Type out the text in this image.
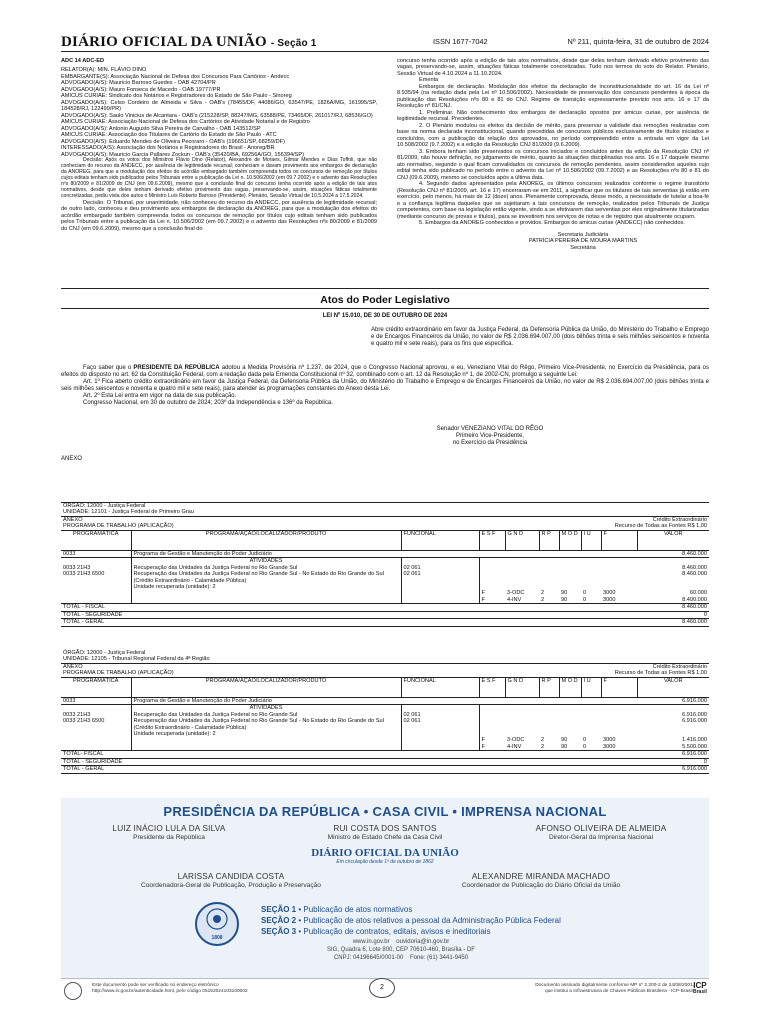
DIÁRIO OFICIAL DA UNIÃO - Seção 1	ISSN 1677-7042	Nº 211, quinta-feira, 31 de outubro de 2024

ADC 14 ADC-ED

RELATOR(A): MIN. FLÁVIO DINO

EMBARGANTE(S): Associação Nacional de Defesa dos Concursos Para Cartórios - Andecc

ADVOGADO(A/S): Mauricio Barroso Guedes - OAB 42704/PR

ADVOGADO(A/S): Mauro Fonseca de Macedo - OAB 19777/PR

AMICUS CURIAE: Sindicato dos Notários e Registradores do Estado de São Paulo - Sinoreg

ADVOGADO(A/S): Celso Cordeiro de Almeida e Silva - OAB's (78455/DF, 44086/GO, 63547/PE, 1826A/MG, 161995/SP, 184528/RJ, 122499/PR)

ADVOGADO(A/S): Saulo Vinicius de Alcantara - OAB's (215228/SP, 88247/MG, 63588/PE, 73465/DF, 261017/RJ, 68536/GO)

AMICUS CURIAE: Associação Nacional de Defesa dos Cartórios de Atividade Notarial e de Registro

ADVOGADO(A/S): Antonio Augusto Silva Pereira de Carvalho - OAB 143512/SP

AMICUS CURIAE: Associação dos Titulares de Cartório do Estado de São Paulo - ATC

ADVOGADO(A/S): Eduardo Mendes de Oliveira Pecoraro - OAB's (196651/SP, 68259/DF)

INTERESSADO(A/S): Associação dos Notários e Registradores do Brasil - Anoreg/BR

ADVOGADO(A/S): Mauricio Garcia Pallares Zockun - OAB's (35420/BA, 69256A/GO, 156394/SP)

Decisão: Após os votos dos Ministros Flávio Dino (Relator), Alexandre de Moraes, Gilmar Mendes e Dias Toffoli, que não conheciam do recurso da ANDECC, por ausência de legitimidade recursal; conheciam e davam provimento aos embargos de declaração da ANOREG, para que a modulação dos efeitos do acórdão embargado também compreenda todos os concursos de remoção por títulos cujos editais tenham sido publicados pelos Tribunais entre a publicação da Lei n. 10.506/2002 (em 09.7.2002) e o advento das Resoluções nºs 80/2009 e 81/2009 do CNJ (em 09.6.2009), mesmo que a conclusão final do concurso tenha ocorrido após a edição de tais atos normativos, desde que deles tenham derivado efetivo provimento das vagas, preservando-se, assim, situações fáticas totalmente concretizadas, pediu vista dos autos o Ministro Luís Roberto Barroso (Presidente). Plenário, Sessão Virtual de 10.5.2024 a 17.5.2024.

Decisão: O Tribunal, por unanimidade, não conheceu do recurso da ANDECC, por ausência de legitimidade recursal; de outro lado, conheceu e deu provimento aos embargos de declaração da ANOREG, para que a modulação dos efeitos do acórdão embargado também compreenda todos os concursos de remoção por títulos cujo editais tenham sido publicados pelos Tribunais entre a publicação da Lei n. 10.506/2002 (em 09.7.2002) e o advento das Resoluções nºs 80/2009 e 81/2009 do CNJ (em 09.6.2009), mesmo que a conclusão final do

concurso tenha ocorrido após a edição de tais atos normativos, desde que deles tenham derivado efetivo provimento das vagas, preservando-se, assim, situações fáticas totalmente concretizadas. Tudo nos termos do voto do Relator. Plenário, Sessão Virtual de 4.10.2024 a 11.10.2024.

Ementa

Embargos de declaração. Modulação dos efeitos da declaração de inconstitucionalidade do art. 16 da Lei nº 8.935/94 (na redação dada pela Lei nº 10.506/2002). Necessidade de preservação dos concursos pendentes à época da publicação das Resoluções nºs 80 e 81 do CNJ. Regime de transição expressamente previsto nos arts. 16 e 17 da Resolução nº 81/CNJ.

1. Preliminar. Não conhecimento dos embargos de declaração opostos por amicus curiae, por ausência de legitimidade recursal. Precedentes.

2. O Plenário modulou os efeitos da decisão de mérito, para preservar a validade das remoções realizadas com base na norma declarada inconstitucional, quando precedidas de concursos públicos exclusivamente de títulos iniciados e concluídos, com a publicação da relação dos aprovados, no período compreendido entre a entrada em vigor da Lei 10.508/2002 (9.7.2002) e a edição da Resolução CNJ 81/2009 (9.6.2009).

3. Embora tenham sido preservados os concursos iniciados e concluídos antes da edição da Resolução CNJ nº 81/2009, não houve definição, no julgamento de mérito, quanto às situações disciplinadas nos arts. 16 e 17 daquele mesmo ato normativo, segundo o qual ficam convalidados os concursos de remoção pendentes, assim considerados aqueles cujo edital tenha sido publicado no período entre o advento da Lei nº 10.506/2002 (09.7.2002) e as Resoluções nºs 80 e 81 do CNJ (09.6.2009), mesmo se concluídos após a última data.

4. Segundo dados apresentados pela ANOREG, os últimos concursos realizados conforme o regime transitório (Resolução CNJ nº 81/2009, art. 16 e 17) encerraram-se em 2011, a significar que os titulares de tais serventias já estão em exercício, pelo menos, há mais de 12 (doze) anos. Plenamente comprovada, desse modo, a necessidade de tutelar a boa-fé e a confiança legítima daqueles que se sujeitaram a tais concursos de remoção, realizados pelos Tribunais de Justiça competentes, com base na legislação então vigente, vindo a se efetivarem das serventias por eles originalmente titularizadas (mediante concurso de provas e títulos), para se investirem nos serviços de notas e de registro que atualmente ocupam.

5. Embargos da ANOREG conhecidos e providos. Embargos do amicus curiae (ANDECC) não conhecidos.

Secretaria Judiciária

PATRÍCIA PEREIRA DE MOURA MARTINS

Secretária

Atos do Poder Legislativo
LEI Nº 15.010, DE 30 DE OUTUBRO DE 2024
Abre crédito extraordinário em favor da Justiça Federal, da Defensoria Pública da União, do Ministério do Trabalho e Emprego e de Encargos Financeiros da União, no valor de R$ 2.036.694.007,00 (dois bilhões trinta e seis milhões seiscentos e noventa e quatro mil e sete reais), para os fins que especifica.

Faço saber que o PRESIDENTE DA REPÚBLICA adotou a Medida Provisória nº 1.237, de 2024, que o Congresso Nacional aprovou, e eu, Veneziano Vital do Rêgo, Primeiro Vice-Presidente, no Exercício da Presidência, para os efeitos do disposto no art. 62 da Constituição Federal, com a redação dada pela Emenda Constitucional nº 32, combinado com o art. 12 da Resolução nº 1, de 2002-CN, promulgo a seguinte Lei:

Art. 1º Fica aberto crédito extraordinário em favor da Justiça Federal, da Defensoria Pública da União, do Ministério do Trabalho e Emprego e de Encargos Financeiros da União, no valor de R$ 2.036.694.007,00 (dois bilhões trinta e seis milhões seiscentos e noventa e quatro mil e sete reais), para atender às programações constantes do Anexo desta Lei.

Art. 2º Esta Lei entra em vigor na data de sua publicação.

Congresso Nacional, em 30 de outubro de 2024; 203º da Independência e 136º da República.

Senador VENEZIANO VITAL DO RÊGO

Primeiro Vice-Presidente,

no Exercício da Presidência

ANEXO
ÓRGÃO: 12000 - Justiça Federal									
UNIDADE: 12101 - Justiça Federal de Primeiro Grau									
ANEXO					Crédito Extraordinário				
PROGRAMA DE TRABALHO (APLICAÇÃO)					Recurso de Todas as Fontes R$ 1,00				
PROGRAMÁTICA	PROGRAMA/AÇÃO/LOCALIZADOR/PRODUTO	FUNCIONAL	E S F	G N D	R P	M O D	I U	F	VALOR
0033	Programa de Gestão e Manutenção do Poder Judiciário								8.460.000
	ATIVIDADES								
0033 21H3	Recuperação das Unidades da Justiça Federal no Rio Grande Sul	02 061							8.460.000
0033 21H3 6500	Recuperação das Unidades da Justiça Federal no Rio Grande Sul - No Estado do Rio Grande do Sul (Crédito Extraordinário - Calamidade Pública)	02 061							8.460.000
	Unidade recuperada (unidade): 2								
			F	3-ODC	2	90	0	3000	60.000
			F	4-INV	2	90	0	3000	8.400.000
TOTAL - FISCAL									8.460.000
TOTAL - SEGURIDADE									0
TOTAL - GERAL									8.460.000
ÓRGÃO: 12000 - Justiça Federal									
UNIDADE: 12105 - Tribunal Regional Federal da 4ª Região									
ANEXO					Crédito Extraordinário				
PROGRAMA DE TRABALHO (APLICAÇÃO)					Recurso de Todas as Fontes R$ 1,00				
PROGRAMÁTICA	PROGRAMA/AÇÃO/LOCALIZADOR/PRODUTO	FUNCIONAL	E S F	G N D	R P	M O D	I U	F	VALOR
0033	Programa de Gestão e Manutenção do Poder Judiciário								6.916.000
	ATIVIDADES								
0033 21H3	Recuperação das Unidades da Justiça Federal no Rio Grande Sul	02 061							6.916.000
0033 21H3 6500	Recuperação das Unidades da Justiça Federal no Rio Grande Sul - No Estado do Rio Grande do Sul (Crédito Extraordinário - Calamidade Pública)	02 061							6.916.000
	Unidade recuperada (unidade): 2								
			F	3-ODC	2	90	0	3000	1.416.000
			F	4-INV	2	90	0	3000	5.500.000
TOTAL- FISCAL									6.916.000
TOTAL - SEGURIDADE									0
TOTAL - GERAL									6.916.000
PRESIDÊNCIA DA REPÚBLICA • CASA CIVIL • IMPRENSA NACIONAL
LUIZ INÁCIO LULA DA SILVA
Presidente da República
RUI COSTA DOS SANTOS
Ministro de Estado Chefe da Casa Civil
AFONSO OLIVEIRA DE ALMEIDA
Diretor-Geral da Imprensa Nacional
DIÁRIO OFICIAL DA UNIÃO
Em circulação desde 1º de outubro de 1862
LARISSA CANDIDA COSTA
Coordenadora-Geral de Publicação, Produção e Preservação
ALEXANDRE MIRANDA MACHADO
Coordenador de Publicação do Diário Oficial da União
1808
SEÇÃO 1 • Publicação de atos normativos
SEÇÃO 2 • Publicação de atos relativos a pessoal da Administração Pública Federal
SEÇÃO 3 • Publicação de contratos, editais, avisos e ineditoriais
www.in.gov.br ouvidoria@in.gov.br
SIG, Quadra 6, Lote 800, CEP 70610-460, Brasília - DF
CNPJ: 04196645/0001-00 Fone: (61) 3441-9450
Este documento pode ser verificado no endereço eletrônico
http://www.in.gov.br/autenticidade.html, pelo código 05152024103100002
2	Documento assinado digitalmente conforme MP nº 2.200-2 de 24/08/2001,
que institui a Infraestrutura de Chaves Públicas Brasileira - ICP-Brasil.
ICP
Brasil
